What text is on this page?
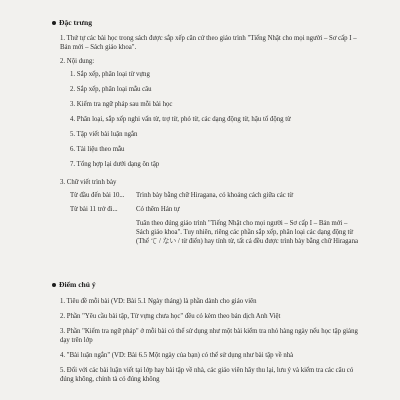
Đặc trưng
1. Thứ tự các bài học trong sách được sắp xếp căn cứ theo giáo trình "Tiếng Nhật cho mọi người – Sơ cấp I – Bản mới – Sách giáo khoa".
2. Nội dung:
1. Sắp xếp, phân loại từ vựng
2. Sắp xếp, phân loại mẫu câu
3. Kiểm tra ngữ pháp sau mỗi bài học
4. Phân loại, sắp xếp nghi vấn từ, trợ từ, phó từ, các dạng động từ, hậu tố động từ
5. Tập viết bài luận ngắn
6. Tài liệu theo mẫu
7. Tổng hợp lại dưới dạng ôn tập
3. Chữ viết trình bày
Từ đầu đến bài 10... Trình bày bằng chữ Hiragana, có khoảng cách giữa các từ
Từ bài 11 trở đi...	Có thêm Hán tự
Tuân theo đúng giáo trình "Tiếng Nhật cho mọi người – Sơ cấp I – Bản mới – Sách giáo khoa". Tuy nhiên, riêng các phần sắp xếp, phân loại các dạng động từ (Thể て / ない / từ điển) hay tính từ, tất cả đều được trình bày bằng chữ Hiragana
Điểm chú ý
1. Tiêu đề mỗi bài (VD: Bài 5.1 Ngày tháng) là phần dành cho giáo viên
2. Phần "Yêu cầu bài tập, Từ vựng chưa học" đều có kèm theo bản dịch Anh Việt
3. Phần "Kiểm tra ngữ pháp" ở mỗi bài có thể sử dụng như một bài kiểm tra nhỏ hàng ngày nếu học tập giảng dạy trên lớp
4. "Bài luận ngắn" (VD: Bài 6.5 Một ngày của bạn) có thể sử dụng như bài tập về nhà
5. Đối với các bài luận viết tại lớp hay bài tập về nhà, các giáo viên hãy thu lại, lưu ý và kiểm tra các câu có đúng không, chỉnh tà có đúng không
